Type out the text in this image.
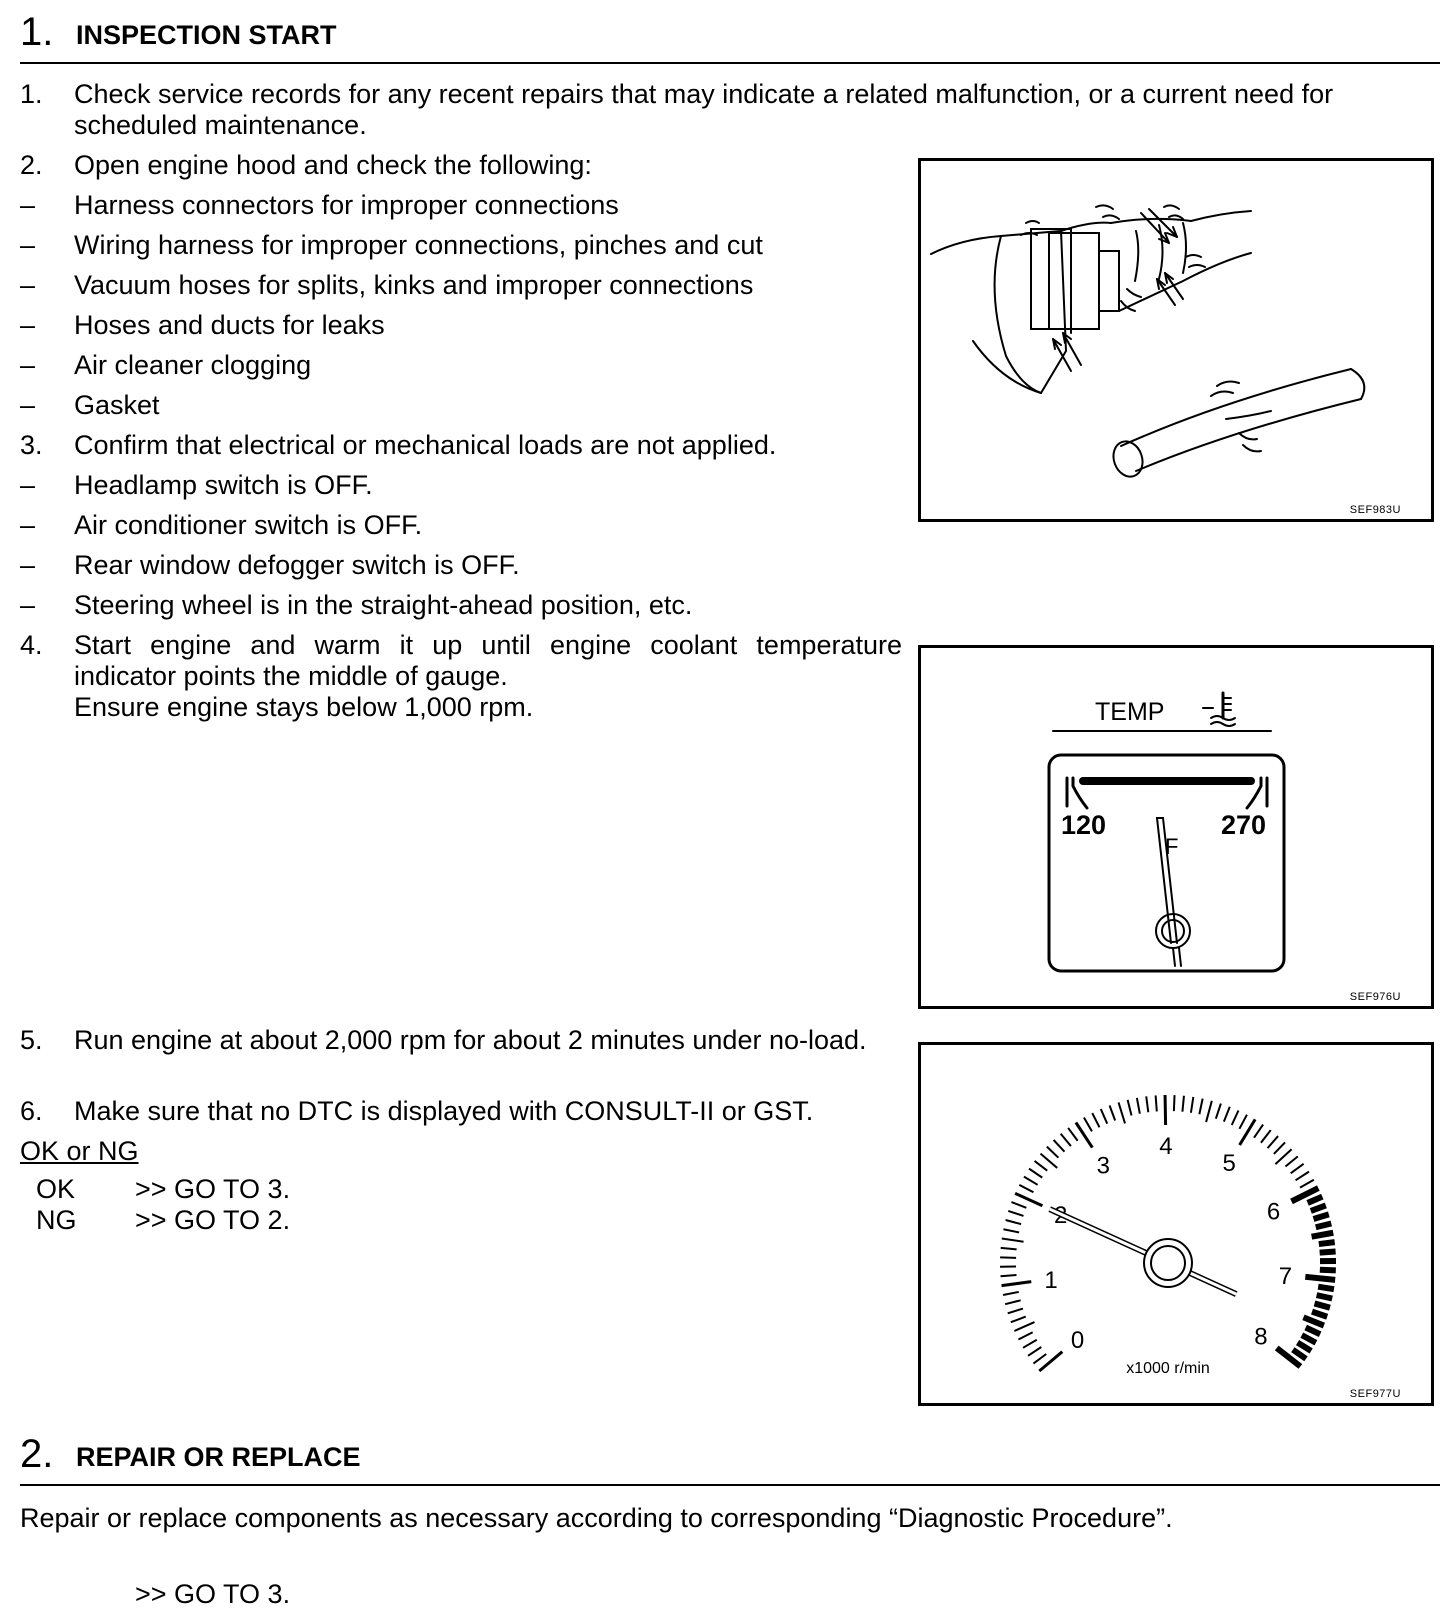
1. INSPECTION START
1.	Check service records for any recent repairs that may indicate a related malfunction, or a current need for scheduled maintenance.
2.	Open engine hood and check the following:
–	Harness connectors for improper connections
–	Wiring harness for improper connections, pinches and cut
–	Vacuum hoses for splits, kinks and improper connections
–	Hoses and ducts for leaks
–	Air cleaner clogging
–	Gasket
3.	Confirm that electrical or mechanical loads are not applied.
–	Headlamp switch is OFF.
–	Air conditioner switch is OFF.
–	Rear window defogger switch is OFF.
–	Steering wheel is in the straight-ahead position, etc.
4.	Start engine and warm it up until engine coolant temperature indicator points the middle of gauge.
Ensure engine stays below 1,000 rpm.
5.	Run engine at about 2,000 rpm for about 2 minutes under no-load.
6.	Make sure that no DTC is displayed with CONSULT-II or GST.
OK or NG
OK >> GO TO 3.
NG >> GO TO 2.
SEF983U
TEMP
120	270
F
SEF976U
0
1
2
3
4
5
6
7
8
x1000 r/min
SEF977U
2. REPAIR OR REPLACE
Repair or replace components as necessary according to corresponding “Diagnostic Procedure”.
>> GO TO 3.
